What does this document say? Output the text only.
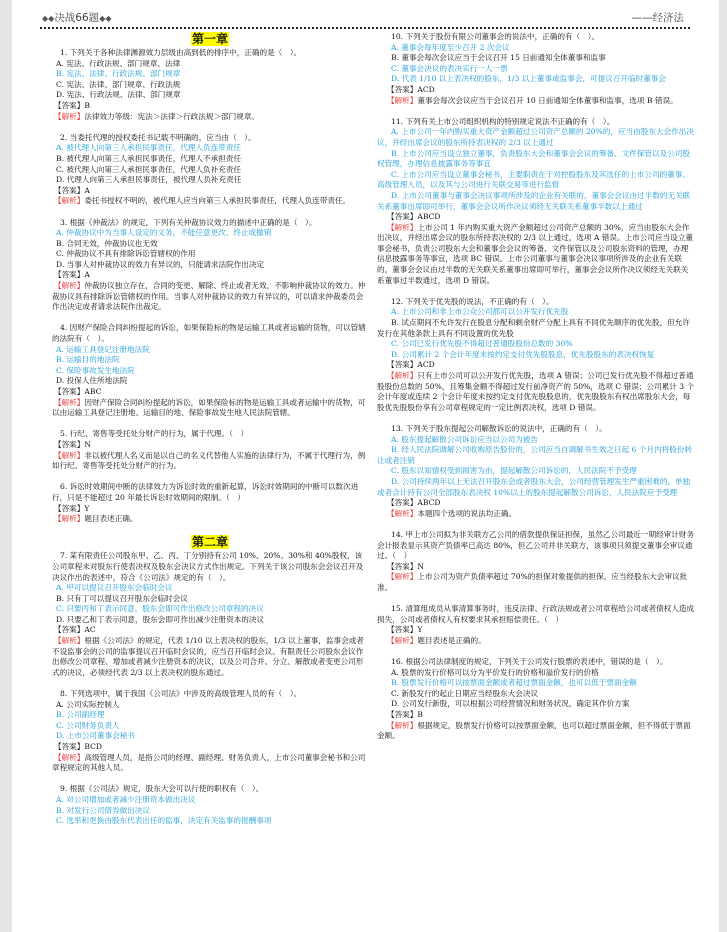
◆◆决战66题◆◆	——经济法
第一章
1. 下列关于各种法律渊源效力层级由高到低的排序中，正确的是（　）。
A. 宪法、行政法规、部门规章、法律
B. 宪法、法律、行政法规、部门规章
C. 宪法、法律、部门规章、行政法规
D. 宪法、行政法规、法律、部门规章
【答案】B
【解析】法律效力等级：宪法＞法律＞行政法规＞部门规章。
2. 当委托代理的授权委托书记载不明确的，应当由（　）。
A. 被代理人向第三人承担民事责任，代理人负连带责任
B. 被代理人向第三人承担民事责任，代理人不承担责任
C. 被代理人向第三人承担民事责任，代理人负补充责任
D. 代理人向第三人承担民事责任，被代理人负补充责任
【答案】A
【解析】委托书授权不明的，被代理人应当向第三人承担民事责任，代理人负连带责任。
3. 根据《仲裁法》的规定，下列有关仲裁协议效力的描述中正确的是（　）。
A. 仲裁协议中为当事人设定的义务，不能任意更改、终止或撤销
B. 合同无效，仲裁协议也无效
C. 仲裁协议不具有排除诉讼管辖权的作用
D. 当事人对仲裁协议的效力有异议的，只能请求法院作出决定
【答案】A
【解析】仲裁协议独立存在，合同的变更、解除、终止或者无效，不影响仲裁协议的效力。仲裁协议具有排除诉讼管辖权的作用。当事人对仲裁协议的效力有异议的，可以请求仲裁委员会作出决定或者请求法院作出裁定。
4. 因财产保险合同纠纷提起的诉讼，如果保险标的物是运输工具或者运输的货物，可以管辖的法院有（　）。
A. 运输工具登记注册地法院
B. 运输目的地法院
C. 保险事故发生地法院
D. 投保人住所地法院
【答案】ABC
【解析】因财产保险合同纠纷提起的诉讼，如果保险标的物是运输工具或者运输中的货物，可以由运输工具登记注册地、运输目的地、保险事故发生地人民法院管辖。
5. 行纪、寄售等受托处分财产的行为，属于代理。（　）
【答案】N
【解析】非以被代理人名义而是以自己的名义代替他人实施的法律行为，不属于代理行为，例如行纪、寄售等受托处分财产的行为。
6. 诉讼时效期间中断的法律效力为诉讼时效的重新起算，诉讼时效期间的中断可以数次进行，只是不能超过 20 年最长诉讼时效期间的限制。（　）
【答案】Y
【解析】题目表述正确。
第二章
7. 某有限责任公司股东甲、乙、丙、丁分别持有公司 10%、20%、30%和 40%股权，该公司章程未对股东行使表决权及股东会决议方式作出规定。下列关于该公司股东会会议召开及决议作出的表述中，符合《公司法》规定的有（　）。
A. 甲可以提议召开股东会临时会议
B. 只有丁可以提议召开股东会临时会议
C. 只要丙和丁表示同意，股东会即可作出修改公司章程的决议
D. 只要乙和丁表示同意，股东会即可作出减少注册资本的决议
【答案】AC
【解析】根据《公司法》的规定，代表 1/10 以上表决权的股东，1/3 以上董事，监事会或者不设监事会的公司的监事提议召开临时会议的，应当召开临时会议。有限责任公司股东会议作出修改公司章程、增加或者减少注册资本的决议，以及公司合并、分立、解散或者变更公司形式的决议，必须经代表 2/3 以上表决权的股东通过。
8. 下列选项中，属于我国《公司法》中涉及的高级管理人员的有（　）。
A. 公司实际控制人
B. 公司副经理
C. 公司财务负责人
D. 上市公司董事会秘书
【答案】BCD
【解析】高级管理人员，是指公司的经理、副经理、财务负责人，上市公司董事会秘书和公司章程规定的其他人员。
9. 根据《公司法》规定，股东大会可以行使的职权有（　）。
A. 对公司增加或者减少注册资本做出决议
B. 对发行公司债券做出决议
C. 选举和更换由股东代表出任的监事，决定有关监事的报酬事项
10. 下列关于股份有限公司董事会的说法中，正确的有（　）。
A. 董事会每年度至少召开 2 次会议
B. 董事会每次会议应当于会议召开 15 日前通知全体董事和监事
C. 董事会决议的表决实行一人一票
D. 代表 1/10 以上表决权的股东，1/3 以上董事或监事会，可提议召开临时董事会
【答案】ACD
【解析】董事会每次会议应当于会议召开 10 日前通知全体董事和监事，选项 B 错误。
11. 下列有关上市公司组织机构的特别规定说法不正确的有（　）。
A. 上市公司一年内购买重大资产金额超过公司资产总额的 20%的，应当由股东大会作出决议，并经出席会议的股东所持表决权的 2/3 以上通过
B. 上市公司应当设立独立董事，负责股东大会和董事会会议的筹备、文件保管以及公司股权管理，办理信息披露事务等事宜
C. 上市公司应当设立董事会秘书，主要职责在于对控股股东及其选任的上市公司的董事、高级管理人员，以及其与公司进行关联交易等进行监督
D. 上市公司董事与董事会决议事项所涉及的企业有关联的，董事会会议由过半数的无关联关系董事出席即可举行，董事会会议所作决议须经无关联关系董事半数以上通过
【答案】ABCD
【解析】上市公司 1 年内购买重大资产金额超过公司资产总额的 30%，应当由股东大会作出决议，并经出席会议的股东所持表决权的 2/3 以上通过，选项 A 错误。上市公司应当设立董事会秘书，负责公司股东大会和董事会会议的筹备、文件保管以及公司股东资料的管理，办理信息披露事务等事宜，选项 BC 错误。上市公司董事与董事会决议事项所涉及的企业有关联的，董事会会议由过半数的无关联关系董事出席即可举行，董事会会议所作决议须经无关联关系董事过半数通过，选项 D 错误。
12. 下列关于优先股的说法，不正确的有（　）。
A. 上市公司和非上市公众公司都可以公开发行优先股
B. 试点期间不允许发行在股息分配和剩余财产分配上具有不同优先顺序的优先股，但允许发行在其他条款上具有不同设置的优先股
C. 公司已发行优先股不得超过普通股股份总数的 30%
D. 公司累计 2 个会计年度未按约定支付优先股股息，优先股股东的表决权恢复
【答案】ACD
【解析】只有上市公司可以公开发行优先股，选项 A 错误；公司已发行优先股不得超过普通股股份总数的 50%，且筹集金额不得超过发行前净资产的 50%，选项 C 错误；公司累计 3 个会计年度或连续 2 个会计年度未按约定支付优先股股息的，优先股股东有权出席股东大会，每股优先股股份享有公司章程规定的一定比例表决权，选项 D 错误。
13. 下列关于股东提起公司解散诉讼的说法中，正确的有（　）。
A. 股东提起解散公司诉讼应当以公司为被告
B. 经人民法院调解公司收购原告股份的，公司应当自调解书生效之日起 6 个月内将股份转让或者注销
C. 股东以知情权受到损害为由，提起解散公司诉讼的，人民法院不予受理
D. 公司持续两年以上无法召开股东会或者股东大会，公司经营管理发生严重困难的，单独或者合计持有公司全部股东表决权 10%以上的股东提起解散公司诉讼，人民法院应予受理
【答案】ABCD
【解析】本题四个选项的说法均正确。
14. 甲上市公司拟为非关联方乙公司的借款提供保证担保，虽然乙公司最近一期经审计财务会计报表显示其资产负债率已高达 80%，但乙公司并非关联方，该事项只须提交董事会审议通过。（　）
【答案】N
【解析】上市公司为资产负债率超过 70%的担保对象提供的担保，应当经股东大会审议批准。
15. 清算组成员从事清算事务时，违反法律、行政法规或者公司章程给公司或者债权人造成损失，公司或者债权人有权要求其承担赔偿责任。（　）
【答案】Y
【解析】题目表述是正确的。
16. 根据公司法律制度的规定，下列关于公司发行股票的表述中，错误的是（　）。
A. 股票的发行价格可以分为平价发行的价格和溢价发行的价格
B. 股票发行价格可以按票面金额或者超过票面金额，也可以低于票面金额
C. 新股发行的起止日期应当经股东大会决议
D. 公司发行新股，可以根据公司经营情况和财务状况，确定其作价方案
【答案】B
【解析】根据规定，股票发行价格可以按票面金额，也可以超过票面金额，但不得低于票面金额。
